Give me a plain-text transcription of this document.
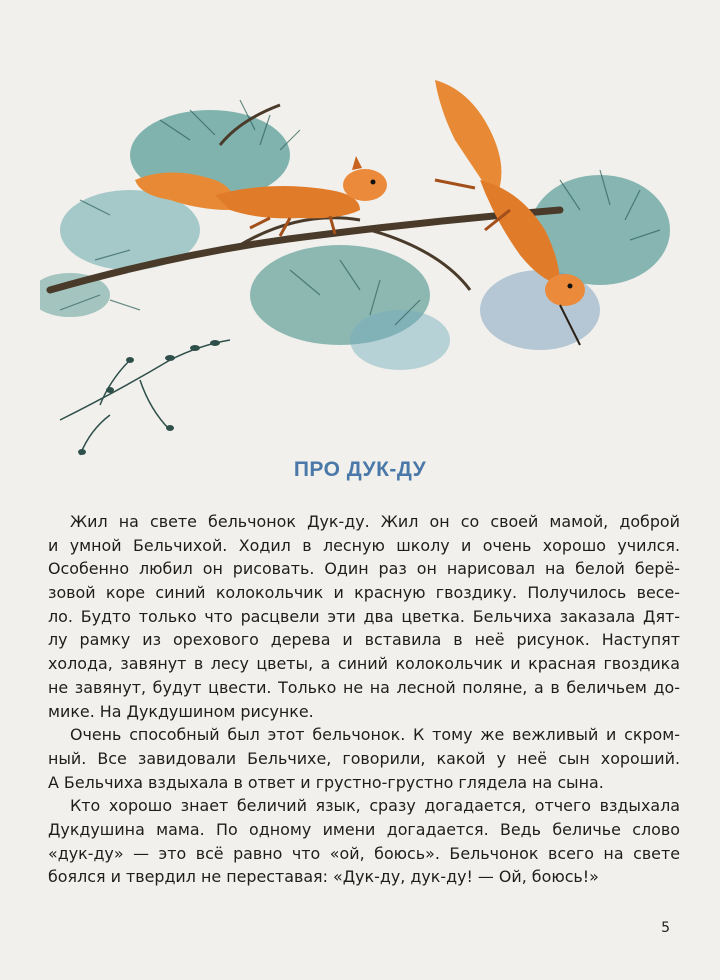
ПРО ДУК-ДУ
Жил на свете бельчонок Дук-ду. Жил он со своей мамой, доброй
и умной Бельчихой. Ходил в лесную школу и очень хорошо учился.
Особенно любил он рисовать. Один раз он нарисовал на белой берё-
зовой коре синий колокольчик и красную гвоздику. Получилось весе-
ло. Будто только что расцвели эти два цветка. Бельчиха заказала Дят-
лу рамку из орехового дерева и вставила в неё рисунок. Наступят
холода, завянут в лесу цветы, а синий колокольчик и красная гвоздика
не завянут, будут цвести. Только не на лесной поляне, а в беличьем до-
мике. На Дукдушином рисунке.
Очень способный был этот бельчонок. К тому же вежливый и скром-
ный. Все завидовали Бельчихе, говорили, какой у неё сын хороший.
А Бельчиха вздыхала в ответ и грустно-грустно глядела на сына.
Кто хорошо знает беличий язык, сразу догадается, отчего вздыхала
Дукдушина мама. По одному имени догадается. Ведь беличье слово
«дук-ду» — это всё равно что «ой, боюсь». Бельчонок всего на свете
боялся и твердил не переставая: «Дук-ду, дук-ду! — Ой, боюсь!»
5
